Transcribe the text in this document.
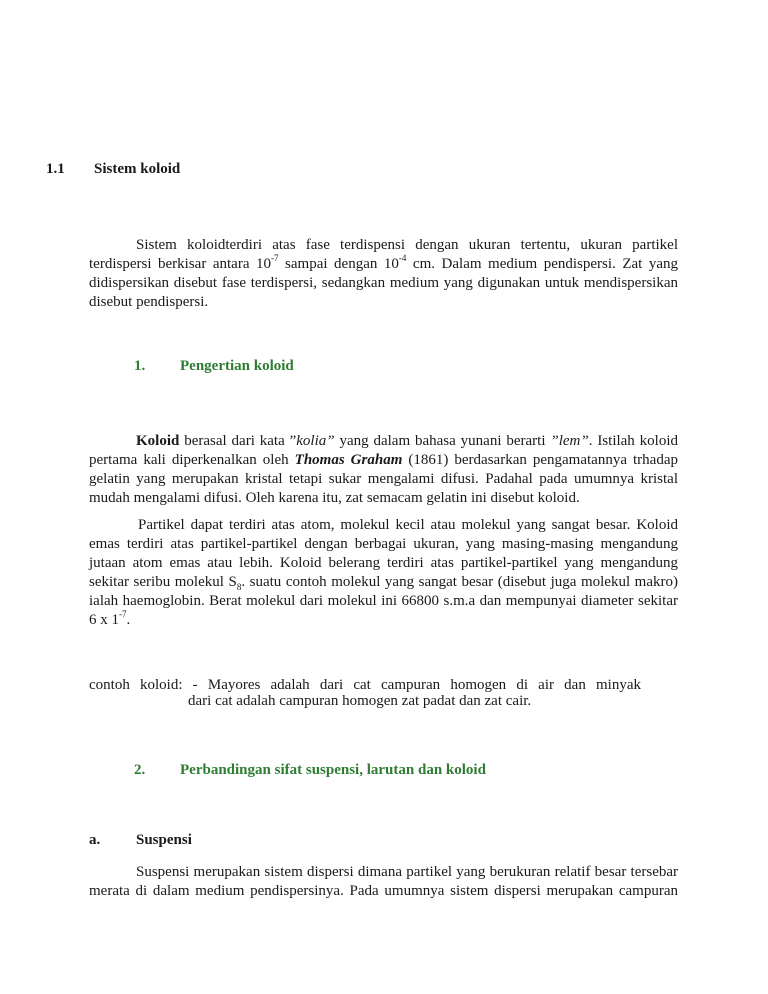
1.1 Sistem koloid
Sistem koloidterdiri atas fase terdispensi dengan ukuran tertentu, ukuran partikel
terdispersi berkisar antara $10^{-7}$ sampai dengan $10^{-4}$ cm. Dalam medium pendispersi. Zat yang
didispersikan disebut fase terdispersi, sedangkan medium yang digunakan untuk mendispersikan
disebut pendispersi.
1. Pengertian koloid
Koloid berasal dari kata ”kolia” yang dalam bahasa yunani berarti ”lem”. Istilah koloid
pertama kali diperkenalkan oleh Thomas Graham (1861) berdasarkan pengamatannya trhadap
gelatin yang merupakan kristal tetapi sukar mengalami difusi. Padahal pada umumnya kristal
mudah mengalami difusi. Oleh karena itu, zat semacam gelatin ini disebut koloid.
Partikel dapat terdiri atas atom, molekul kecil atau molekul yang sangat besar. Koloid
emas terdiri atas partikel-partikel dengan berbagai ukuran, yang masing-masing mengandung
jutaan atom emas atau lebih. Koloid belerang terdiri atas partikel-partikel yang mengandung
sekitar seribu molekul $S_8$. suatu contoh molekul yang sangat besar (disebut juga molekul makro)
ialah haemoglobin. Berat molekul dari molekul ini 66800 s.m.a dan mempunyai diameter sekitar
6 x $1^{-7}$.
contoh koloid: - Mayores adalah dari cat campuran homogen di air dan minyak
dari cat adalah campuran homogen zat padat dan zat cair.
2. Perbandingan sifat suspensi, larutan dan koloid
a. Suspensi
Suspensi merupakan sistem dispersi dimana partikel yang berukuran relatif besar tersebar
merata di dalam medium pendispersinya. Pada umumnya sistem dispersi merupakan campuran
